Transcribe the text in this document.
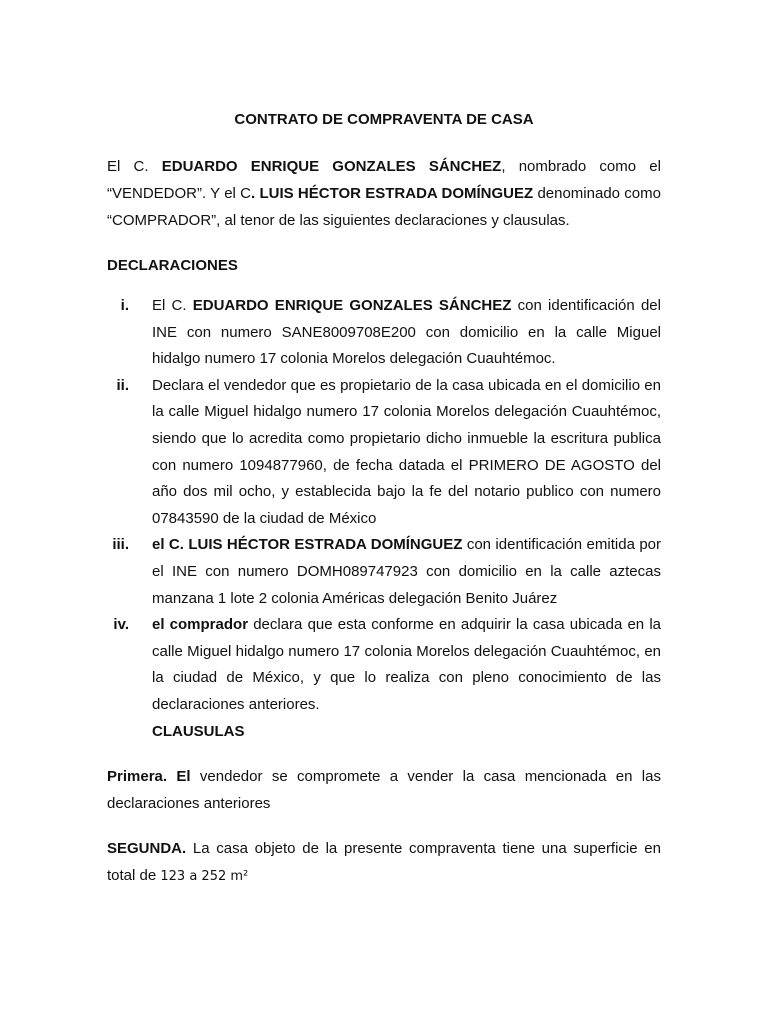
CONTRATO DE COMPRAVENTA DE CASA

El C. EDUARDO ENRIQUE GONZALES SÁNCHEZ, nombrado como el “VENDEDOR”. Y el C. LUIS HÉCTOR ESTRADA DOMÍNGUEZ denominado como “COMPRADOR”, al tenor de las siguientes declaraciones y clausulas.

DECLARACIONES
i. El C. EDUARDO ENRIQUE GONZALES SÁNCHEZ con identificación del INE con numero SANE8009708E200 con domicilio en la calle Miguel hidalgo numero 17 colonia Morelos delegación Cuauhtémoc.
ii. Declara el vendedor que es propietario de la casa ubicada en el domicilio en la calle Miguel hidalgo numero 17 colonia Morelos delegación Cuauhtémoc, siendo que lo acredita como propietario dicho inmueble la escritura publica con numero 1094877960, de fecha datada el PRIMERO DE AGOSTO del año dos mil ocho, y establecida bajo la fe del notario publico con numero 07843590 de la ciudad de México
iii. el C. LUIS HÉCTOR ESTRADA DOMÍNGUEZ con identificación emitida por el INE con numero DOMH089747923 con domicilio en la calle aztecas manzana 1 lote 2 colonia Américas delegación Benito Juárez
iv. el comprador declara que esta conforme en adquirir la casa ubicada en la calle Miguel hidalgo numero 17 colonia Morelos delegación Cuauhtémoc, en la ciudad de México, y que lo realiza con pleno conocimiento de las declaraciones anteriores.
CLAUSULAS

Primera. El vendedor se compromete a vender la casa mencionada en las declaraciones anteriores

SEGUNDA. La casa objeto de la presente compraventa tiene una superficie en total de 123 a 252 m²
